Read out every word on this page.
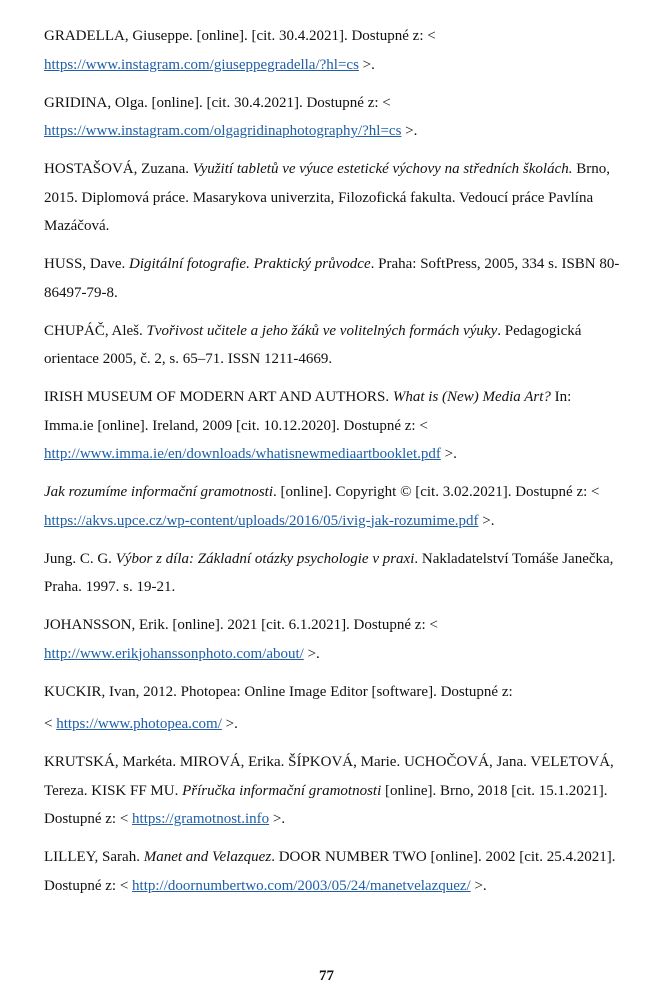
GRADELLA, Giuseppe. [online]. [cit. 30.4.2021]. Dostupné z: <
https://www.instagram.com/giuseppegradella/?hl=cs >.

GRIDINA, Olga. [online]. [cit. 30.4.2021]. Dostupné z: <
https://www.instagram.com/olgagridinaphotography/?hl=cs >.

HOSTAŠOVÁ, Zuzana. Využití tabletů ve výuce estetické výchovy na středních školách. Brno, 2015. Diplomová práce. Masarykova univerzita, Filozofická fakulta. Vedoucí práce Pavlína Mazáčová.

HUSS, Dave. Digitální fotografie. Praktický průvodce. Praha: SoftPress, 2005, 334 s. ISBN 80-86497-79-8.

CHUPÁČ, Aleš. Tvořivost učitele a jeho žáků ve volitelných formách výuky. Pedagogická orientace 2005, č. 2, s. 65–71. ISSN 1211-4669.

IRISH MUSEUM OF MODERN ART AND AUTHORS. What is (New) Media Art? In: Imma.ie [online]. Ireland, 2009 [cit. 10.12.2020]. Dostupné z: < http://www.imma.ie/en/downloads/whatisnewmediaartbooklet.pdf >.

Jak rozumíme informační gramotnosti. [online]. Copyright © [cit. 3.02.2021]. Dostupné z: < https://akvs.upce.cz/wp-content/uploads/2016/05/ivig-jak-rozumime.pdf >.

Jung. C. G. Výbor z díla: Základní otázky psychologie v praxi. Nakladatelství Tomáše Janečka, Praha. 1997. s. 19-21.

JOHANSSON, Erik. [online]. 2021 [cit. 6.1.2021]. Dostupné z: <
http://www.erikjohanssonphoto.com/about/ >.

KUCKIR, Ivan, 2012. Photopea: Online Image Editor [software]. Dostupné z:

< https://www.photopea.com/ >.

KRUTSKÁ, Markéta. MIROVÁ, Erika. ŠÍPKOVÁ, Marie. UCHOČOVÁ, Jana. VELETOVÁ, Tereza. KISK FF MU. Příručka informační gramotnosti [online]. Brno, 2018 [cit. 15.1.2021]. Dostupné z: < https://gramotnost.info >.

LILLEY, Sarah. Manet and Velazquez. DOOR NUMBER TWO [online]. 2002 [cit. 25.4.2021]. Dostupné z: < http://doornumbertwo.com/2003/05/24/manetvelazquez/ >.

77
